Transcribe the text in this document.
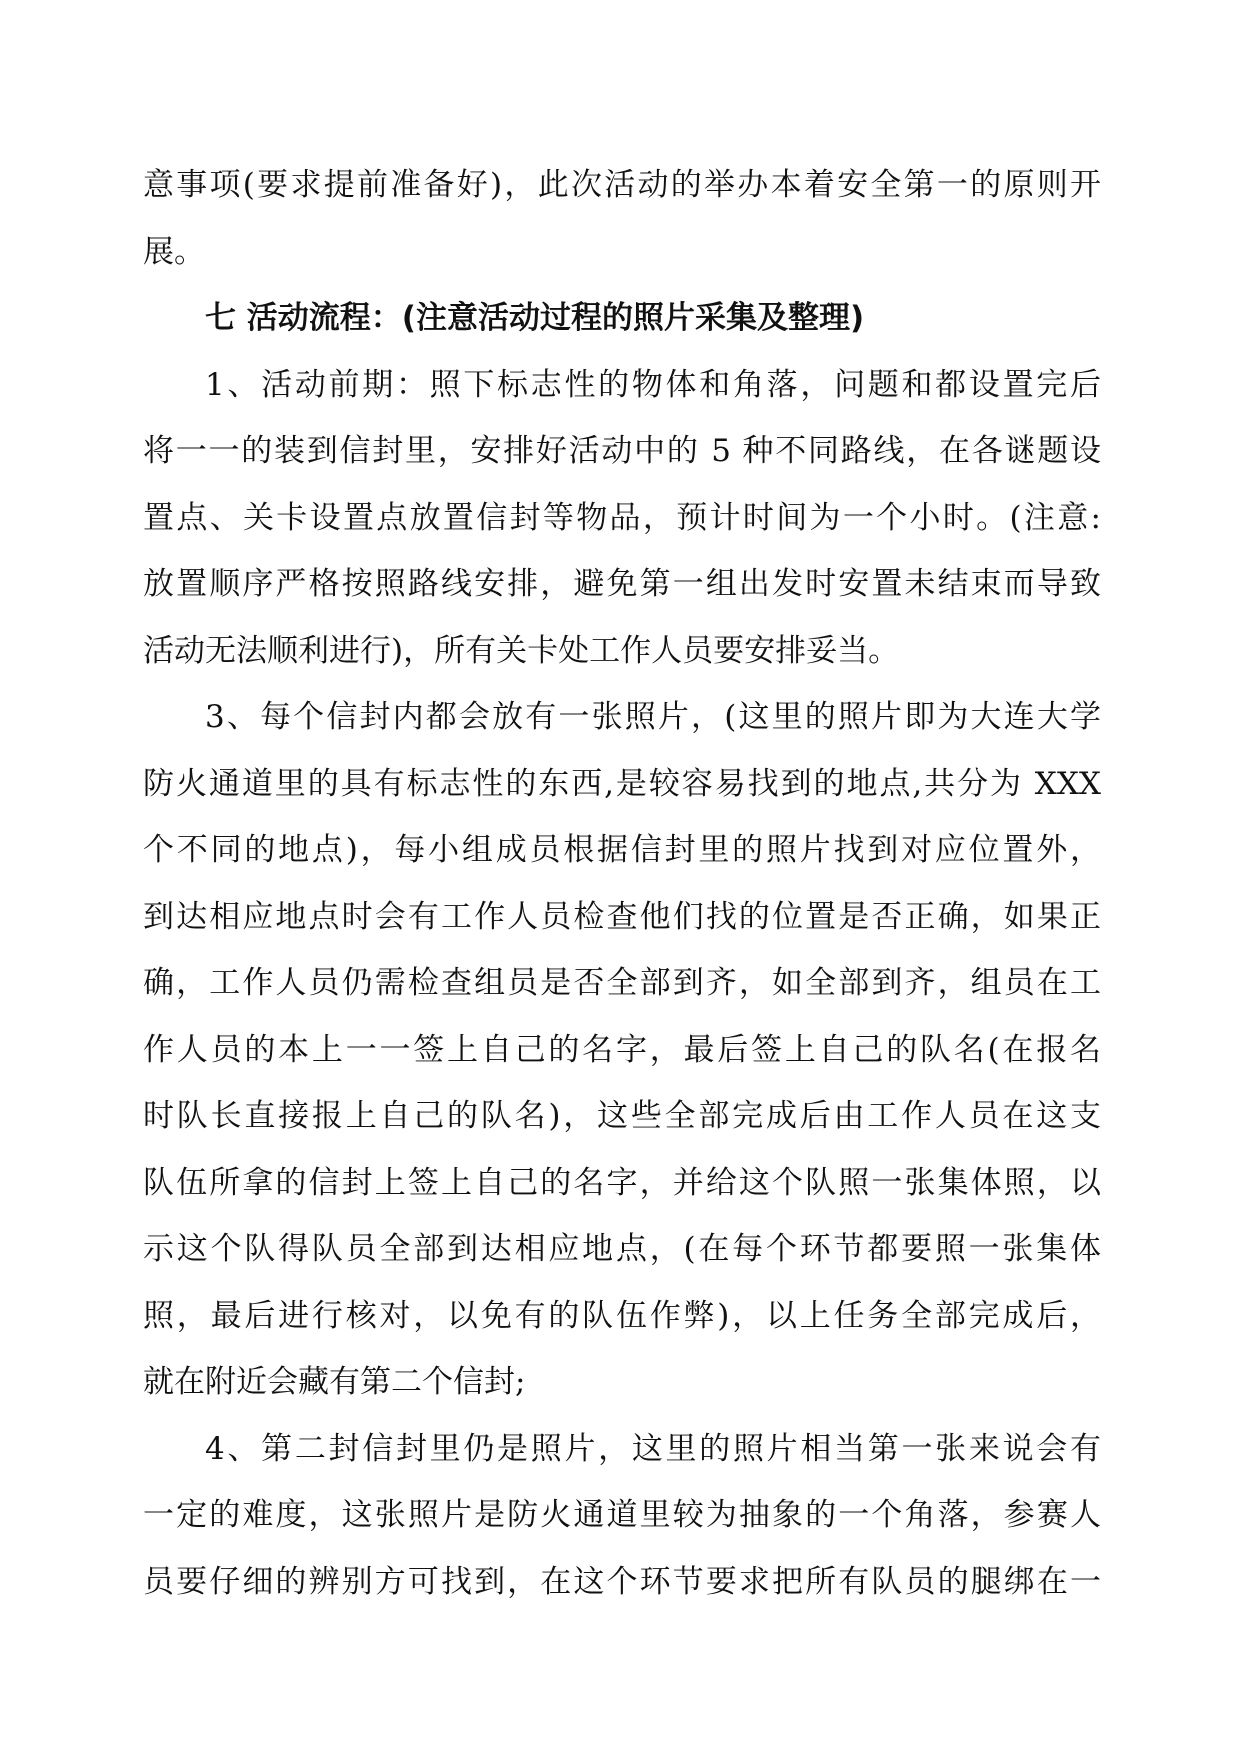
意事项(要求提前准备好)，此次活动的举办本着安全第一的原则开
展。
七 活动流程：(注意活动过程的照片采集及整理)
1、活动前期：照下标志性的物体和角落，问题和都设置完后
将一一的装到信封里，安排好活动中的 5 种不同路线，在各谜题设
置点、关卡设置点放置信封等物品，预计时间为一个小时。(注意:
放置顺序严格按照路线安排，避免第一组出发时安置未结束而导致
活动无法顺利进行)，所有关卡处工作人员要安排妥当。
3、每个信封内都会放有一张照片，(这里的照片即为大连大学
防火通道里的具有标志性的东西,是较容易找到的地点,共分为 XXX
个不同的地点)，每小组成员根据信封里的照片找到对应位置外，
到达相应地点时会有工作人员检查他们找的位置是否正确，如果正
确，工作人员仍需检查组员是否全部到齐，如全部到齐，组员在工
作人员的本上一一签上自己的名字，最后签上自己的队名(在报名
时队长直接报上自己的队名)，这些全部完成后由工作人员在这支
队伍所拿的信封上签上自己的名字，并给这个队照一张集体照，以
示这个队得队员全部到达相应地点，(在每个环节都要照一张集体
照，最后进行核对，以免有的队伍作弊)，以上任务全部完成后，
就在附近会藏有第二个信封;
4、第二封信封里仍是照片，这里的照片相当第一张来说会有
一定的难度，这张照片是防火通道里较为抽象的一个角落，参赛人
员要仔细的辨别方可找到，在这个环节要求把所有队员的腿绑在一
